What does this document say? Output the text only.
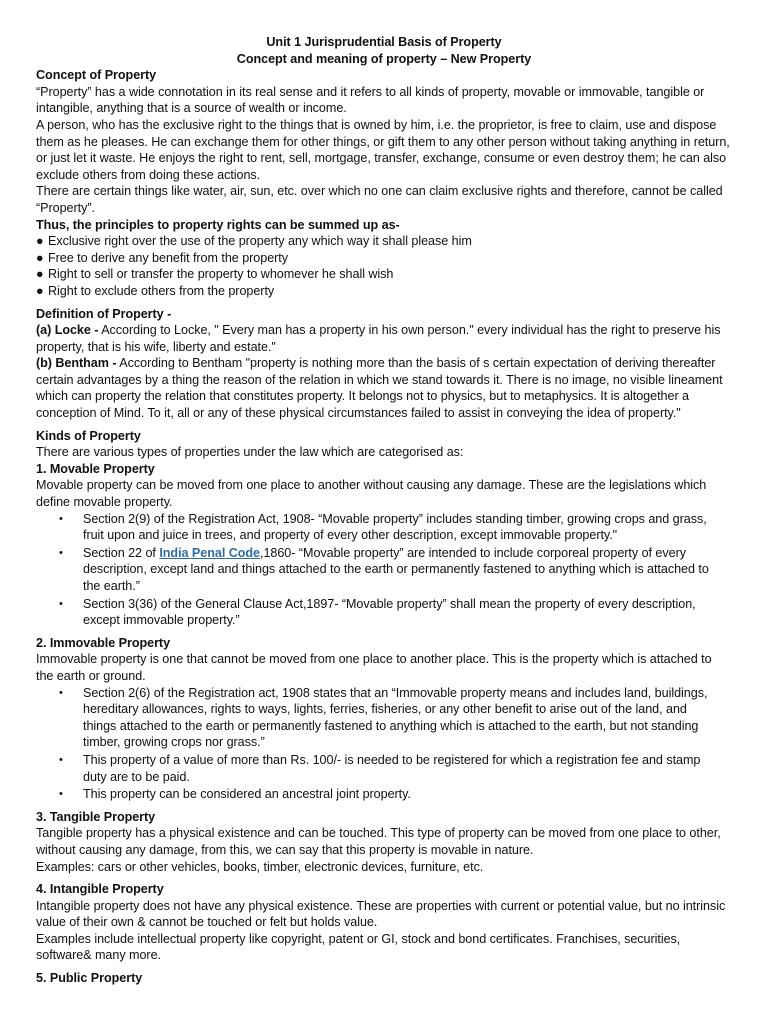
Unit 1 Jurisprudential Basis of Property

Concept and meaning of property – New Property

Concept of Property

“Property” has a wide connotation in its real sense and it refers to all kinds of property, movable or immovable, tangible or intangible, anything that is a source of wealth or income.

A person, who has the exclusive right to the things that is owned by him, i.e. the proprietor, is free to claim, use and dispose them as he pleases. He can exchange them for other things, or gift them to any other person without taking anything in return, or just let it waste. He enjoys the right to rent, sell, mortgage, transfer, exchange, consume or even destroy them; he can also exclude others from doing these actions.

There are certain things like water, air, sun, etc. over which no one can claim exclusive rights and therefore, cannot be called “Property”.

Thus, the principles to property rights can be summed up as-

● Exclusive right over the use of the property any which way it shall please him
● Free to derive any benefit from the property
● Right to sell or transfer the property to whomever he shall wish
● Right to exclude others from the property

Definition of Property -

(a) Locke - According to Locke, " Every man has a property in his own person." every individual has the right to preserve his property, that is his wife, liberty and estate."

(b) Bentham - According to Bentham "property is nothing more than the basis of s certain expectation of deriving thereafter certain advantages by a thing the reason of the relation in which we stand towards it. There is no image, no visible lineament which can property the relation that constitutes property. It belongs not to physics, but to metaphysics. It is altogether a conception of Mind. To it, all or any of these physical circumstances failed to assist in conveying the idea of property."

Kinds of Property

There are various types of properties under the law which are categorised as:

1. Movable Property

Movable property can be moved from one place to another without causing any damage. These are the legislations which define movable property.

• Section 2(9) of the Registration Act, 1908- “Movable property” includes standing timber, growing crops and grass, fruit upon and juice in trees, and property of every other description, except immovable property."
• Section 22 of India Penal Code,1860- “Movable property” are intended to include corporeal property of every description, except land and things attached to the earth or permanently fastened to anything which is attached to the earth.”
• Section 3(36) of the General Clause Act,1897- “Movable property” shall mean the property of every description, except immovable property.”

2. Immovable Property

Immovable property is one that cannot be moved from one place to another place. This is the property which is attached to the earth or ground.

• Section 2(6) of the Registration act, 1908 states that an “Immovable property means and includes land, buildings, hereditary allowances, rights to ways, lights, ferries, fisheries, or any other benefit to arise out of the land, and things attached to the earth or permanently fastened to anything which is attached to the earth, but not standing timber, growing crops nor grass.”
• This property of a value of more than Rs. 100/- is needed to be registered for which a registration fee and stamp duty are to be paid.
• This property can be considered an ancestral joint property.

3. Tangible Property

Tangible property has a physical existence and can be touched. This type of property can be moved from one place to other, without causing any damage, from this, we can say that this property is movable in nature.

Examples: cars or other vehicles, books, timber, electronic devices, furniture, etc.

4. Intangible Property

Intangible property does not have any physical existence. These are properties with current or potential value, but no intrinsic value of their own & cannot be touched or felt but holds value.

Examples include intellectual property like copyright, patent or GI, stock and bond certificates. Franchises, securities, software& many more.

5. Public Property
